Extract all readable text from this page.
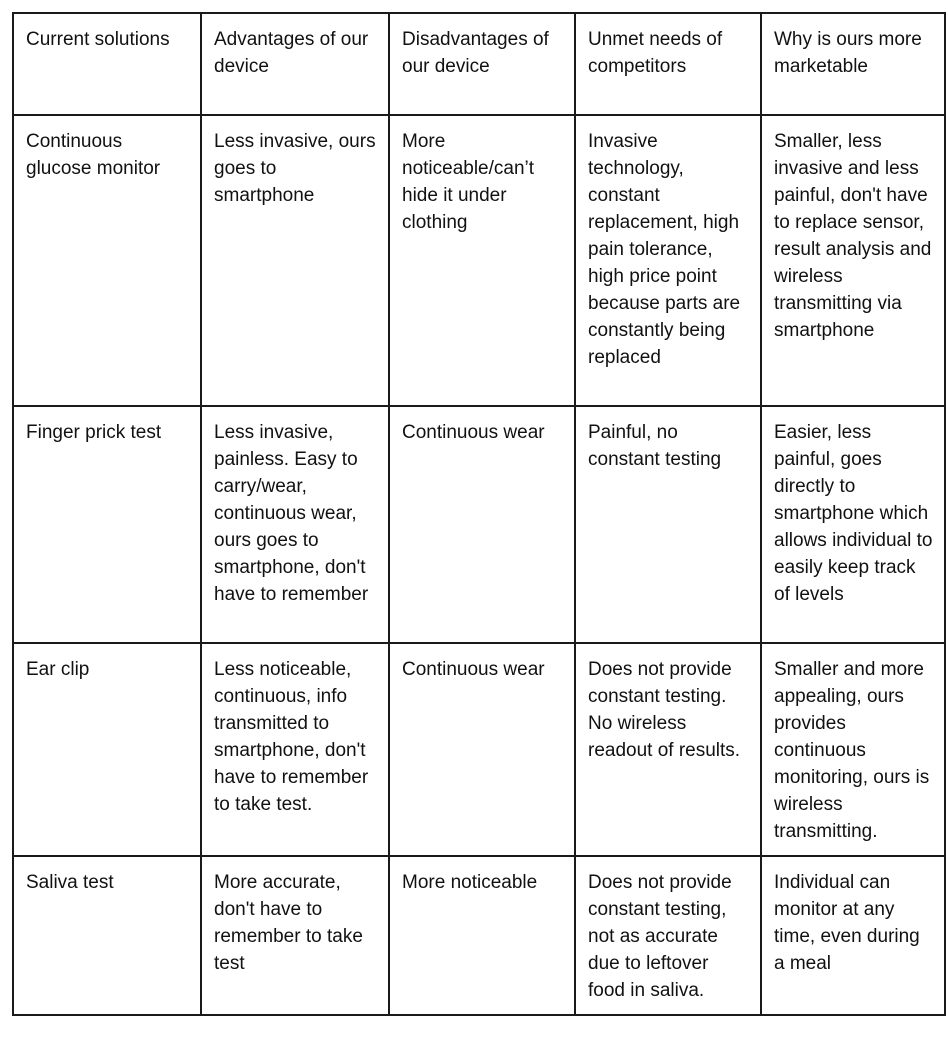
Current solutions	Advantages of our device	Disadvantages of our device	Unmet needs of competitors	Why is ours more marketable
Continuous glucose monitor	Less invasive, ours goes to smartphone	More noticeable/can’t hide it under clothing	Invasive technology, constant replacement, high pain tolerance, high price point because parts are constantly being replaced	Smaller, less invasive and less painful, don't have to replace sensor, result analysis and wireless transmitting via smartphone
Finger prick test	Less invasive, painless. Easy to carry/wear, continuous wear, ours goes to smartphone, don't have to remember	Continuous wear	Painful, no constant testing	Easier, less painful, goes directly to smartphone which allows individual to easily keep track of levels
Ear clip	Less noticeable, continuous, info transmitted to smartphone, don't have to remember to take test.	Continuous wear	Does not provide constant testing. No wireless readout of results.	Smaller and more appealing, ours provides continuous monitoring, ours is wireless transmitting.
Saliva test	More accurate, don't have to remember to take test	More noticeable	Does not provide constant testing, not as accurate due to leftover food in saliva.	Individual can monitor at any time, even during a meal
